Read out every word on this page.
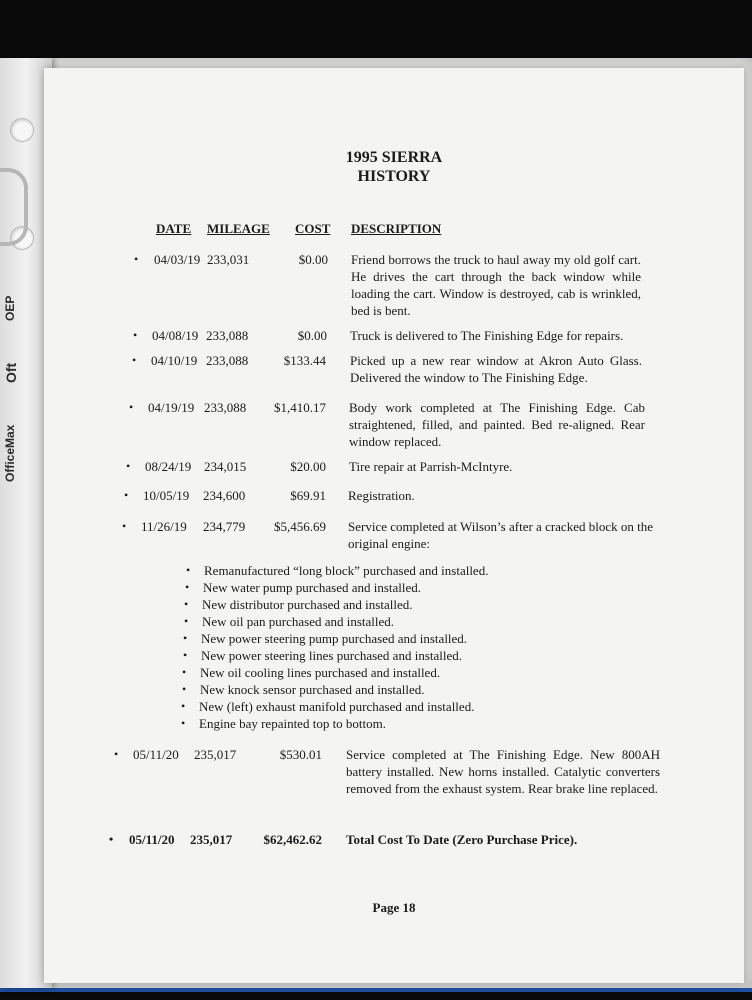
OEP
Oft
OfficeMax
1995 SIERRA
HISTORY
DATE MILEAGE COST DESCRIPTION
• 04/03/19 233,031	$0.00 Friend borrows the truck to haul away my old golf cart. He drives the cart through the back window while loading the cart. Window is destroyed, cab is wrinkled, bed is bent.
• 04/08/19 233,088	$0.00 Truck is delivered to The Finishing Edge for repairs.
• 04/10/19 233,088	$133.44 Picked up a new rear window at Akron Auto Glass. Delivered the window to The Finishing Edge.
• 04/19/19 233,088	$1,410.17 Body work completed at The Finishing Edge. Cab straightened, filled, and painted. Bed re-aligned. Rear window replaced.
• 08/24/19 234,015	$20.00 Tire repair at Parrish-McIntyre.
• 10/05/19 234,600	$69.91 Registration.
• 11/26/19 234,779	$5,456.69 Service completed at Wilson’s after a cracked block on the original engine:
• Remanufactured “long block” purchased and installed.
• New water pump purchased and installed.
• New distributor purchased and installed.
• New oil pan purchased and installed.
• New power steering pump purchased and installed.
• New power steering lines purchased and installed.
• New oil cooling lines purchased and installed.
• New knock sensor purchased and installed.
• New (left) exhaust manifold purchased and installed.
• Engine bay repainted top to bottom.
• 05/11/20 235,017	$530.01 Service completed at The Finishing Edge. New 800AH battery installed. New horns installed. Catalytic converters removed from the exhaust system. Rear brake line replaced.
• 05/11/20 235,017	$62,462.62 Total Cost To Date (Zero Purchase Price).
Page 18
